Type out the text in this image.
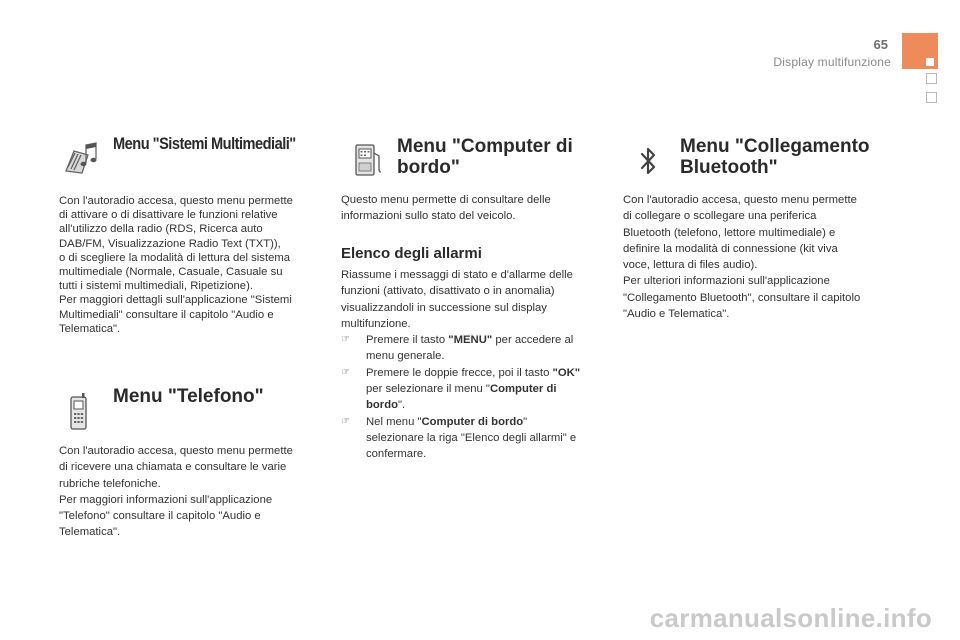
65
Display multifunzione
Menu "Sistemi Multimediali"

Con l'autoradio accesa, questo menu permette

di attivare o di disattivare le funzioni relative

all'utilizzo della radio (RDS, Ricerca auto

DAB/FM, Visualizzazione Radio Text (TXT)),

o di scegliere la modalità di lettura del sistema

multimediale (Normale, Casuale, Casuale su

tutti i sistemi multimediali, Ripetizione).

Per maggiori dettagli sull'applicazione "Sistemi

Multimediali" consultare il capitolo "Audio e

Telematica".

Menu "Telefono"

Con l'autoradio accesa, questo menu permette

di ricevere una chiamata e consultare le varie

rubriche telefoniche.

Per maggiori informazioni sull'applicazione

"Telefono" consultare il capitolo "Audio e

Telematica".

Menu "Computer di
bordo"

Questo menu permette di consultare delle

informazioni sullo stato del veicolo.

Elenco degli allarmi

Riassume i messaggi di stato e d'allarme delle

funzioni (attivato, disattivato o in anomalia)

visualizzandoli in successione sul display

multifunzione.

☞ Premere il tasto "MENU" per accedere al
menu generale.
☞ Premere le doppie frecce, poi il tasto "OK"
per selezionare il menu "Computer di
bordo".
☞ Nel menu "Computer di bordo"
selezionare la riga "Elenco degli allarmi" e
confermare.
Menu "Collegamento
Bluetooth"

Con l'autoradio accesa, questo menu permette

di collegare o scollegare una periferica

Bluetooth (telefono, lettore multimediale) e

definire la modalità di connessione (kit viva

voce, lettura di files audio).

Per ulteriori informazioni sull'applicazione

"Collegamento Bluetooth", consultare il capitolo

"Audio e Telematica".

carmanualsonline.info
